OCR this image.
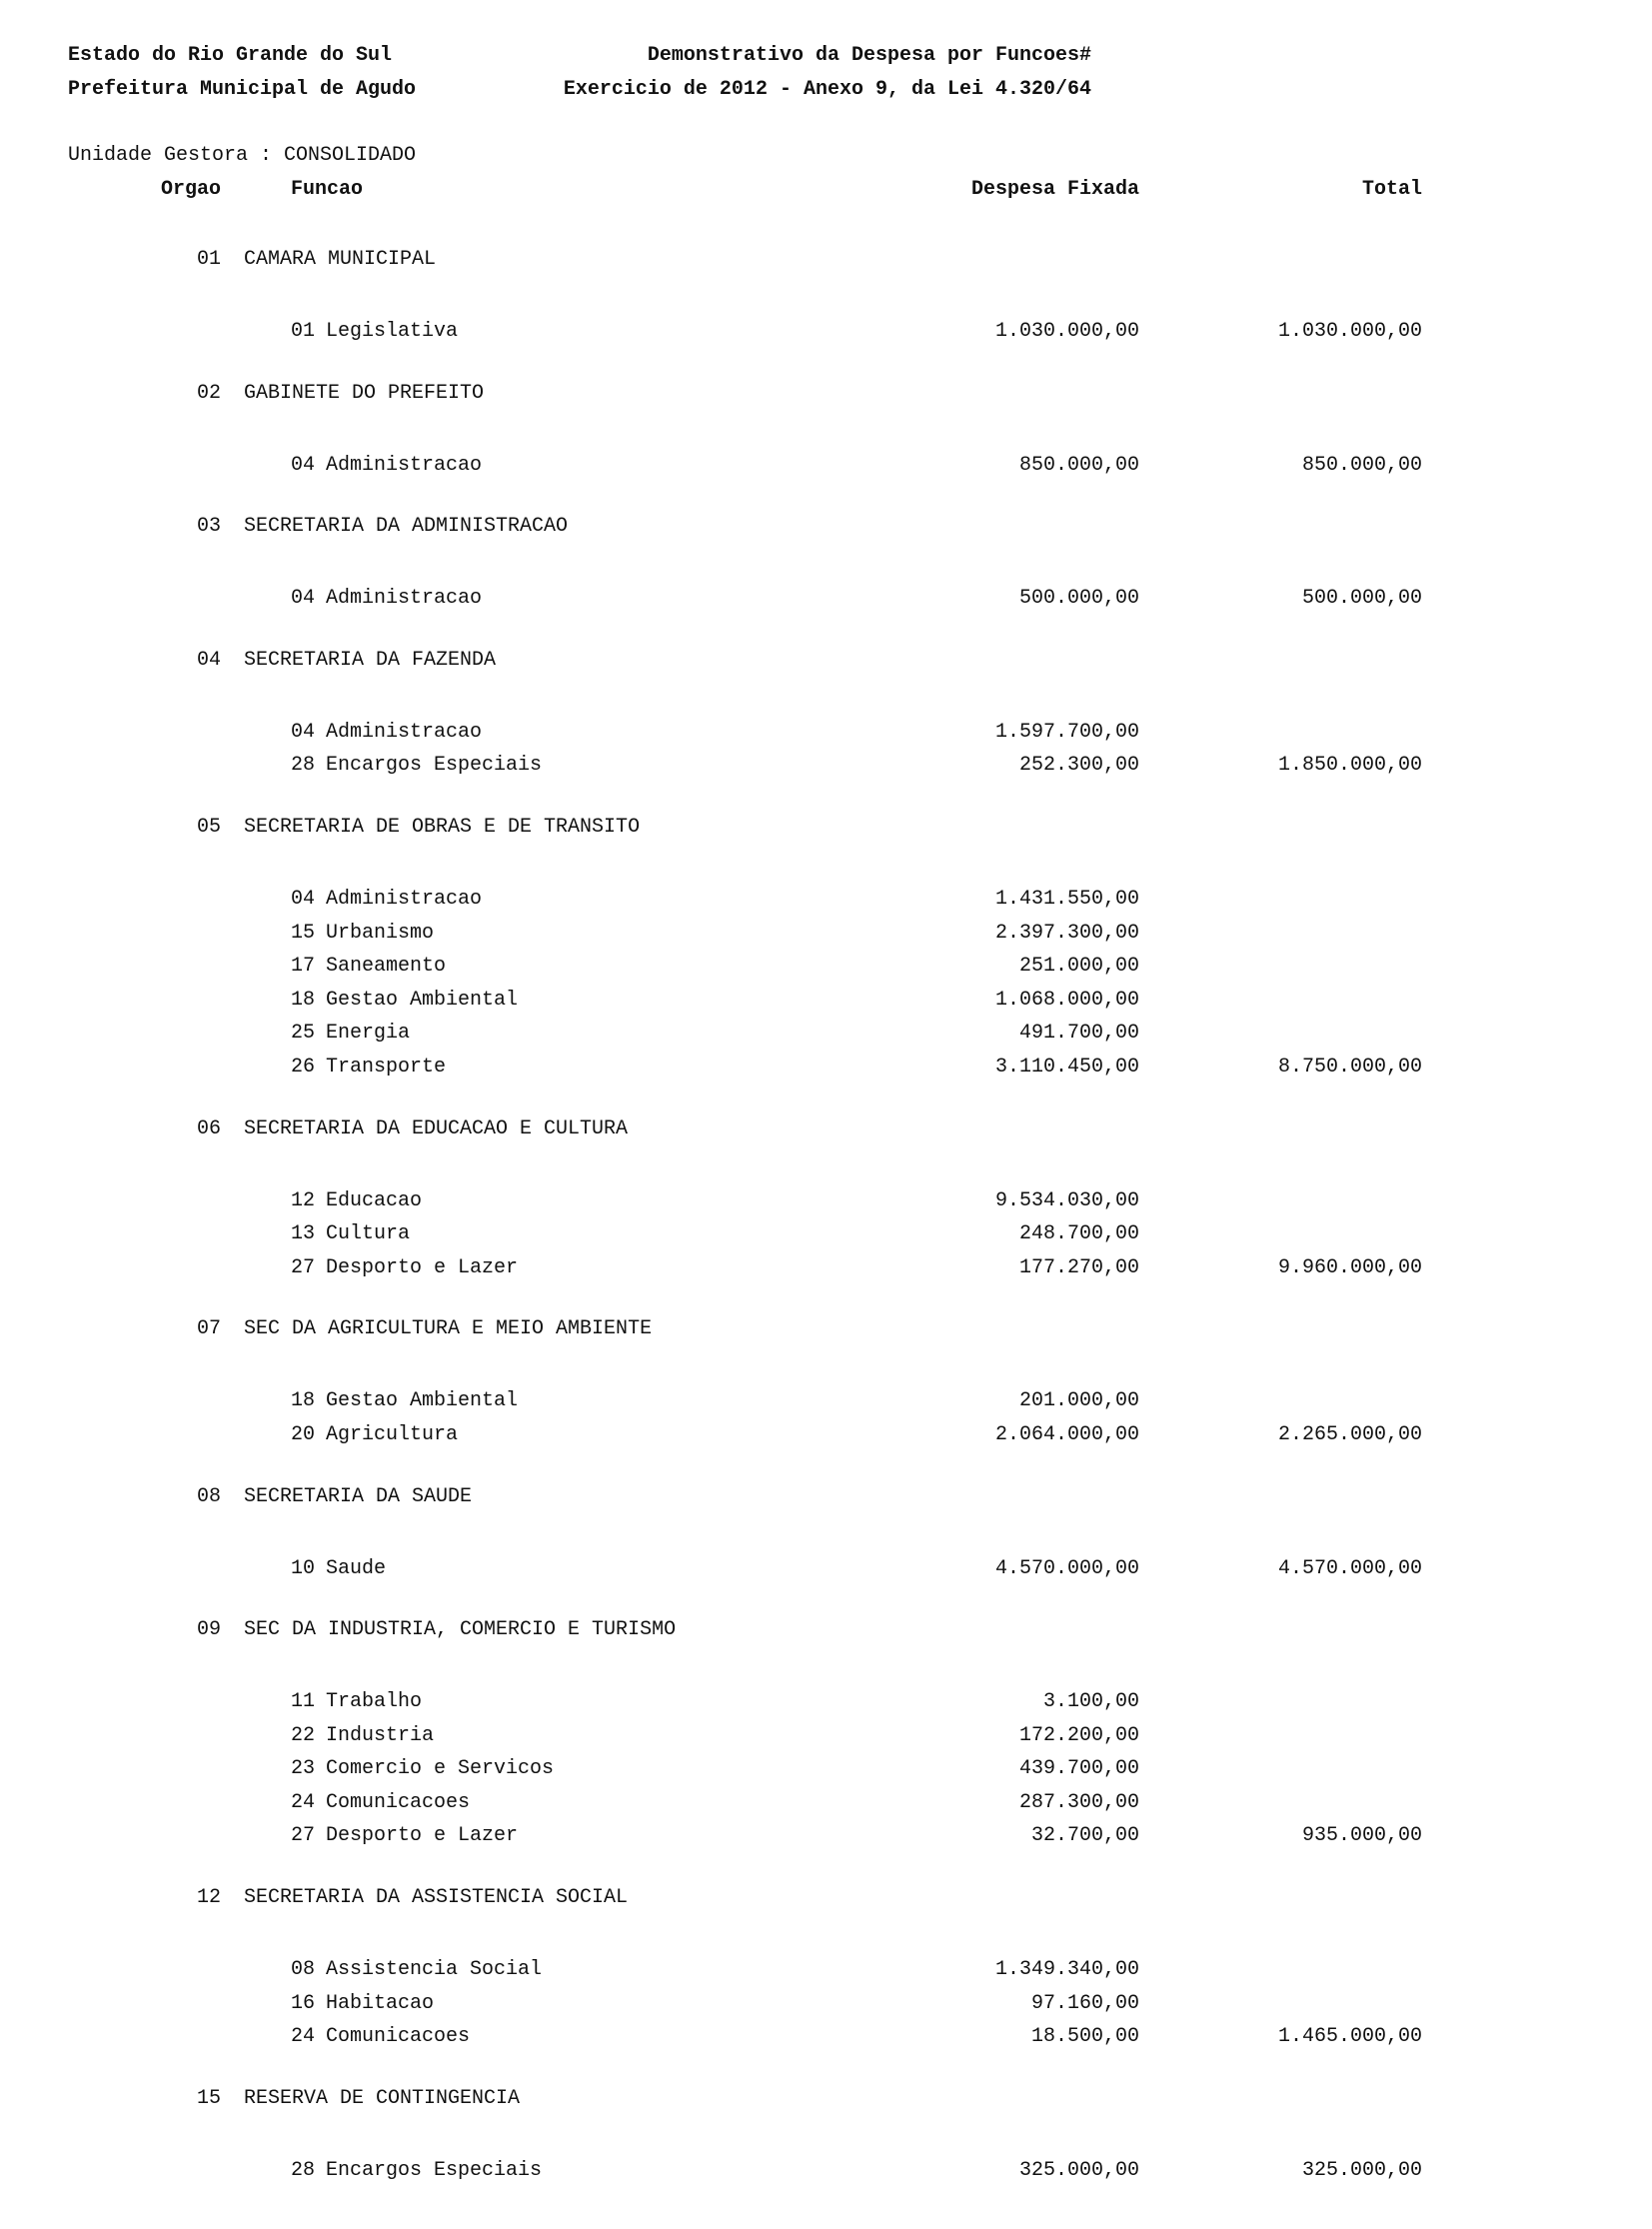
Estado do Rio Grande do Sul	Demonstrativo da Despesa por Funcoes#
Prefeitura Municipal de Agudo	Exercicio de 2012 - Anexo 9, da Lei 4.320/64
Unidade Gestora : CONSOLIDADO
Orgao	Funcao	Despesa Fixada	Total
01 CAMARA MUNICIPAL
01 Legislativa	1.030.000,00	1.030.000,00
02 GABINETE DO PREFEITO
04 Administracao	850.000,00	850.000,00
03 SECRETARIA DA ADMINISTRACAO
04 Administracao	500.000,00	500.000,00
04 SECRETARIA DA FAZENDA
04 Administracao	1.597.700,00
28 Encargos Especiais	252.300,00	1.850.000,00
05 SECRETARIA DE OBRAS E DE TRANSITO
04 Administracao	1.431.550,00
15 Urbanismo	2.397.300,00
17 Saneamento	251.000,00
18 Gestao Ambiental	1.068.000,00
25 Energia	491.700,00
26 Transporte	3.110.450,00	8.750.000,00
06 SECRETARIA DA EDUCACAO E CULTURA
12 Educacao	9.534.030,00
13 Cultura	248.700,00
27 Desporto e Lazer	177.270,00	9.960.000,00
07 SEC DA AGRICULTURA E MEIO AMBIENTE
18 Gestao Ambiental	201.000,00
20 Agricultura	2.064.000,00	2.265.000,00
08 SECRETARIA DA SAUDE
10 Saude	4.570.000,00	4.570.000,00
09 SEC DA INDUSTRIA, COMERCIO E TURISMO
11 Trabalho	3.100,00
22 Industria	172.200,00
23 Comercio e Servicos	439.700,00
24 Comunicacoes	287.300,00
27 Desporto e Lazer	32.700,00	935.000,00
12 SECRETARIA DA ASSISTENCIA SOCIAL
08 Assistencia Social	1.349.340,00
16 Habitacao	97.160,00
24 Comunicacoes	18.500,00	1.465.000,00
15 RESERVA DE CONTINGENCIA
28 Encargos Especiais	325.000,00	325.000,00
